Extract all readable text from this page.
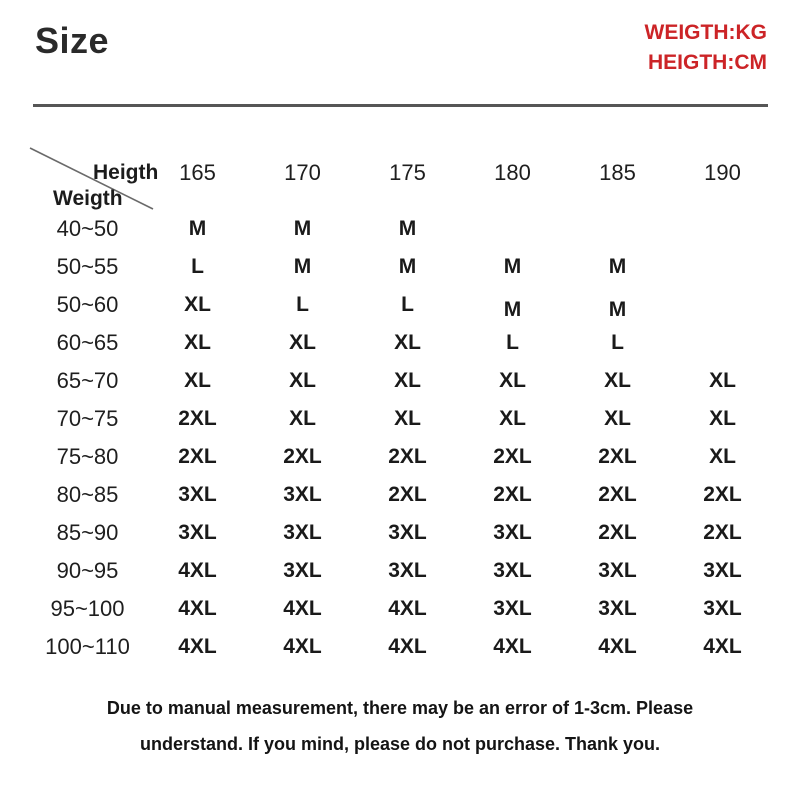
Size	WEIGTH:KG
HEIGTH:CM
Heigth
Weigth	165	170	175	180	185	190
40~50	M	M	M			
50~55	L	M	M	M	M	
50~60	XL	L	L	M	M	
60~65	XL	XL	XL	L	L	
65~70	XL	XL	XL	XL	XL	XL
70~75	2XL	XL	XL	XL	XL	XL
75~80	2XL	2XL	2XL	2XL	2XL	XL
80~85	3XL	3XL	2XL	2XL	2XL	2XL
85~90	3XL	3XL	3XL	3XL	2XL	2XL
90~95	4XL	3XL	3XL	3XL	3XL	3XL
95~100	4XL	4XL	4XL	3XL	3XL	3XL
100~110	4XL	4XL	4XL	4XL	4XL	4XL
Due to manual measurement, there may be an error of 1-3cm. Please
understand. If you mind, please do not purchase. Thank you.
